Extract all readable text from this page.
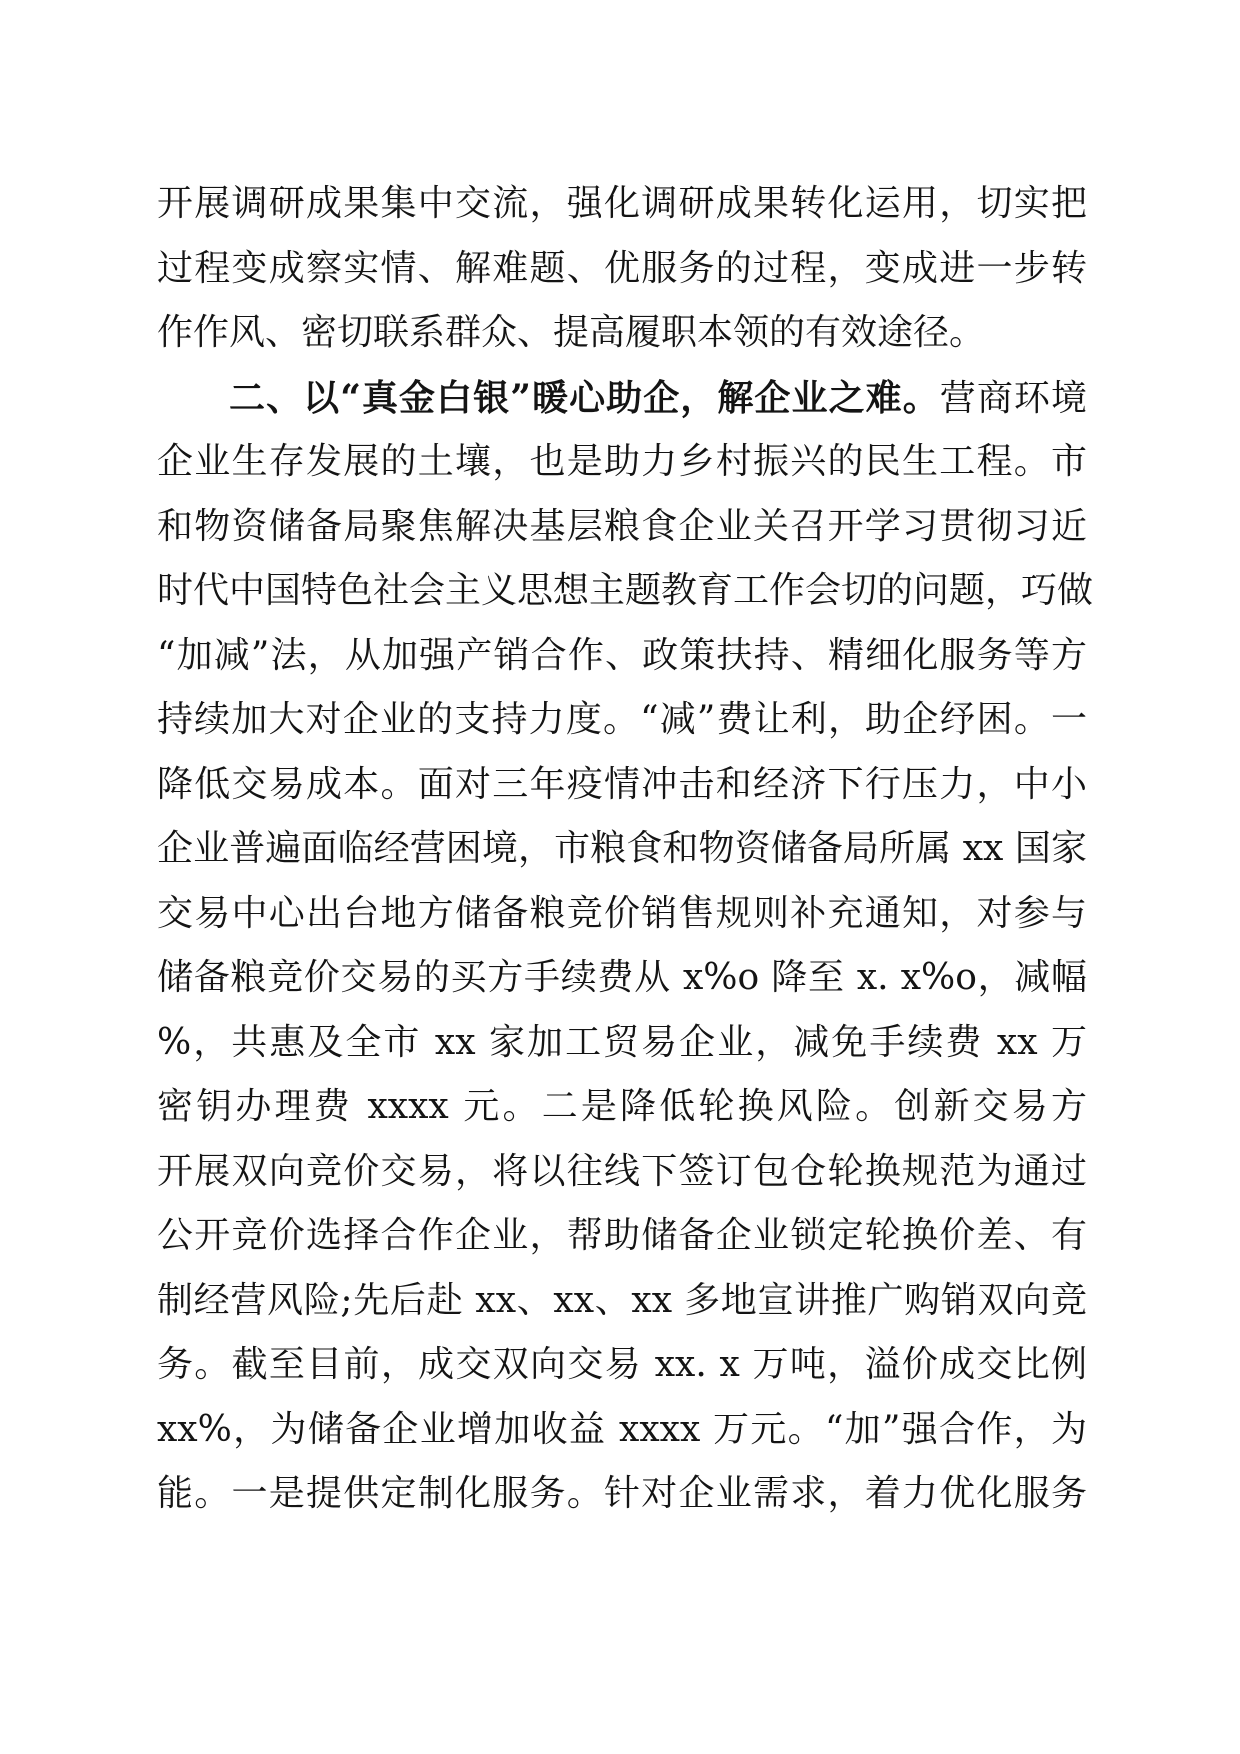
开展调研成果集中交流，强化调研成果转化运用，切实把
过程变成察实情、解难题、优服务的过程，变成进一步转
作作风、密切联系群众、提高履职本领的有效途径。
二、以“真金白银”暖心助企，解企业之难。营商环境
企业生存发展的土壤，也是助力乡村振兴的民生工程。市
和物资储备局聚焦解决基层粮食企业关召开学习贯彻习近
时代中国特色社会主义思想主题教育工作会切的问题，巧做
“加减”法，从加强产销合作、政策扶持、精细化服务等方
持续加大对企业的支持力度。“减”费让利，助企纾困。一
降低交易成本。面对三年疫情冲击和经济下行压力，中小
企业普遍面临经营困境，市粮食和物资储备局所属 xx 国家
交易中心出台地方储备粮竞价销售规则补充通知，对参与
储备粮竞价交易的买方手续费从 x%o 降至 x. x%o，减幅
%，共惠及全市 xx 家加工贸易企业，减免手续费 xx 万
密钥办理费 xxxx 元。二是降低轮换风险。创新交易方
开展双向竞价交易，将以往线下签订包仓轮换规范为通过
公开竞价选择合作企业，帮助储备企业锁定轮换价差、有
制经营风险;先后赴 xx、xx、xx 多地宣讲推广购销双向竞
务。截至目前，成交双向交易 xx. x 万吨，溢价成交比例
xx%，为储备企业增加收益 xxxx 万元。“加”强合作，为
能。一是提供定制化服务。针对企业需求，着力优化服务
